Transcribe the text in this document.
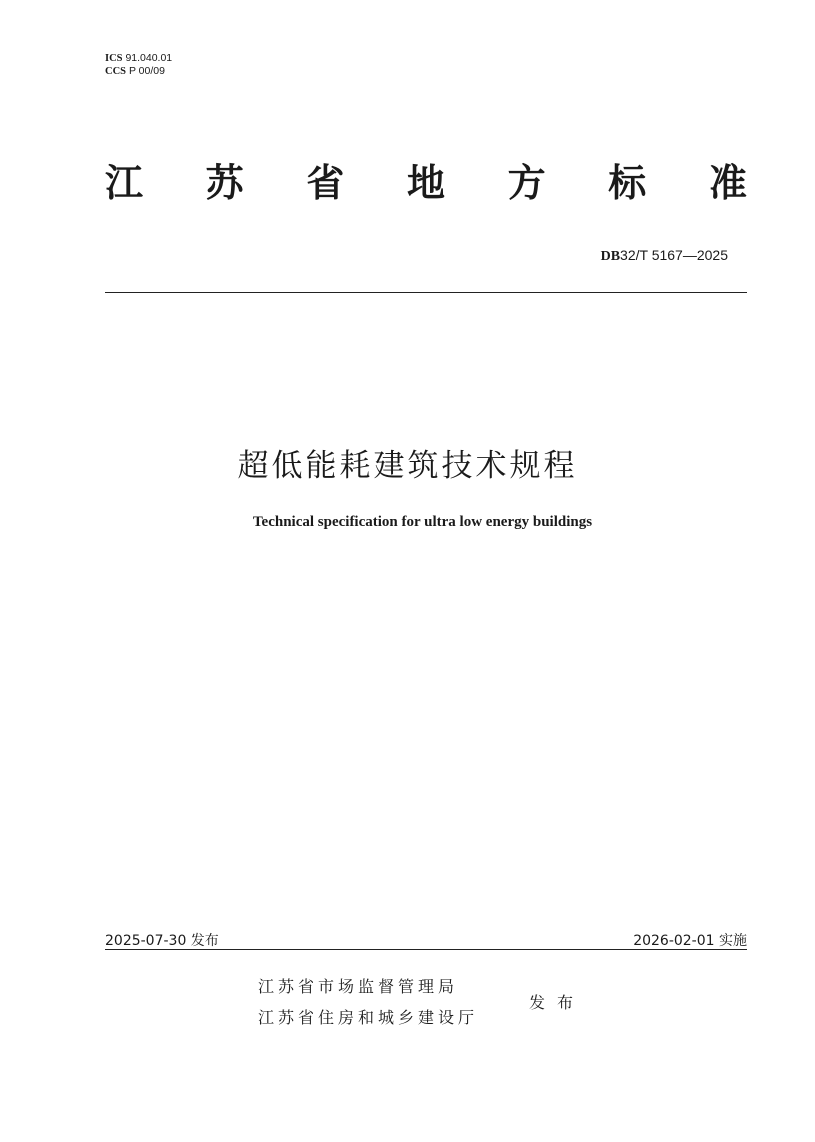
ICS 91.040.01
CCS P 00/09
江 苏 省 地 方 标 准
DB32/T 5167—2025
超低能耗建筑技术规程
Technical specification for ultra low energy buildings
2025-07-30 发布	2026-02-01 实施
江苏省市场监督管理局
江苏省住房和城乡建设厅
发布
